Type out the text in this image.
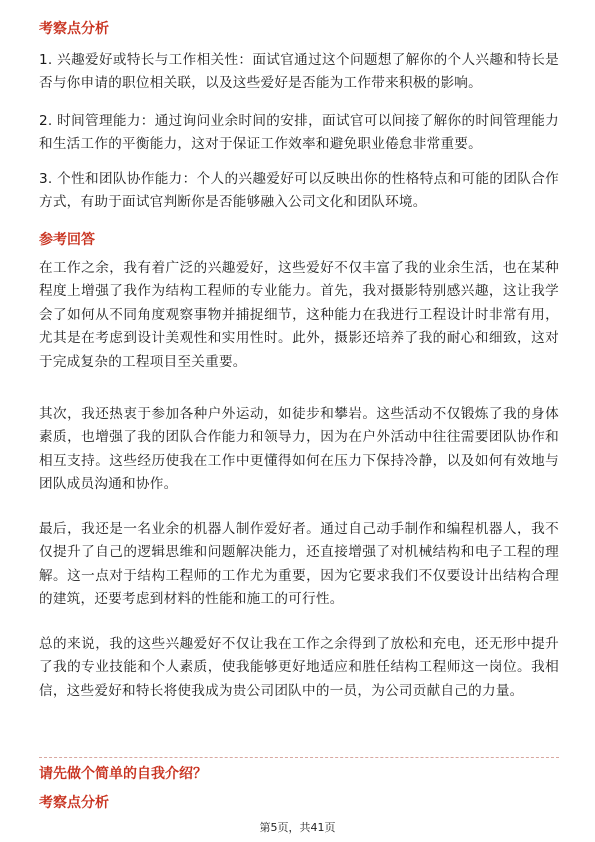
考察点分析
1. 兴趣爱好或特长与工作相关性：面试官通过这个问题想了解你的个人兴趣和特长是否与你申请的职位相关联，以及这些爱好是否能为工作带来积极的影响。
2. 时间管理能力：通过询问业余时间的安排，面试官可以间接了解你的时间管理能力和生活工作的平衡能力，这对于保证工作效率和避免职业倦怠非常重要。
3. 个性和团队协作能力：个人的兴趣爱好可以反映出你的性格特点和可能的团队合作方式，有助于面试官判断你是否能够融入公司文化和团队环境。
参考回答
在工作之余，我有着广泛的兴趣爱好，这些爱好不仅丰富了我的业余生活，也在某种程度上增强了我作为结构工程师的专业能力。首先，我对摄影特别感兴趣，这让我学会了如何从不同角度观察事物并捕捉细节，这种能力在我进行工程设计时非常有用，尤其是在考虑到设计美观性和实用性时。此外，摄影还培养了我的耐心和细致，这对于完成复杂的工程项目至关重要。
其次，我还热衷于参加各种户外运动，如徒步和攀岩。这些活动不仅锻炼了我的身体素质，也增强了我的团队合作能力和领导力，因为在户外活动中往往需要团队协作和相互支持。这些经历使我在工作中更懂得如何在压力下保持冷静，以及如何有效地与团队成员沟通和协作。
最后，我还是一名业余的机器人制作爱好者。通过自己动手制作和编程机器人，我不仅提升了自己的逻辑思维和问题解决能力，还直接增强了对机械结构和电子工程的理解。这一点对于结构工程师的工作尤为重要，因为它要求我们不仅要设计出结构合理的建筑，还要考虑到材料的性能和施工的可行性。
总的来说，我的这些兴趣爱好不仅让我在工作之余得到了放松和充电，还无形中提升了我的专业技能和个人素质，使我能够更好地适应和胜任结构工程师这一岗位。我相信，这些爱好和特长将使我成为贵公司团队中的一员，为公司贡献自己的力量。
请先做个简单的自我介绍？
考察点分析
第5页，共41页
